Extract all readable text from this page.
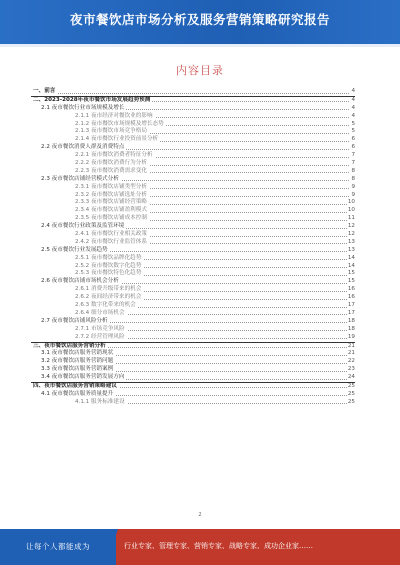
夜市餐饮店市场分析及服务营销策略研究报告
内容目录
一、前言	4
二、2023-2028年夜市餐饮市场发展趋势预测	4
2.1 夜市餐饮行业市场规模及增长	4
2.1.1 夜市经济对餐饮业的影响	4
2.1.2 夜市餐饮市场规模及增长态势	5
2.1.3 夜市餐饮市场竞争格局	5
2.1.4 夜市餐饮行业投资前景分析	6
2.2 夜市餐饮消费人群及消费特点	6
2.2.1 夜市餐饮消费者特征分析	7
2.2.2 夜市餐饮消费行为分析	7
2.2.3 夜市餐饮消费需求变化	8
2.3 夜市餐饮店铺经营模式分析	8
2.3.1 夜市餐饮店铺类型分析	9
2.3.2 夜市餐饮店铺选址分析	9
2.3.3 夜市餐饮店铺经营策略	10
2.3.4 夜市餐饮店铺盈利模式	10
2.3.5 夜市餐饮店铺成本控制	11
2.4 夜市餐饮行业政策及监管环境	12
2.4.1 夜市餐饮行业相关政策	12
2.4.2 夜市餐饮行业监管体系	13
2.5 夜市餐饮行业发展趋势	13
2.5.1 夜市餐饮品牌化趋势	14
2.5.2 夜市餐饮数字化趋势	14
2.5.3 夜市餐饮特色化趋势	15
2.6 夜市餐饮店铺市场机会分析	15
2.6.1 消费升级带来的机会	16
2.6.2 夜间经济带来的机会	16
2.6.3 数字化带来的机会	17
2.6.4 细分市场机会	17
2.7 夜市餐饮店铺风险分析	18
2.7.1 市场竞争风险	18
2.7.2 经营管理风险	19
三、夜市餐饮店服务营销分析	21
3.1 夜市餐饮店服务营销现状	21
3.2 夜市餐饮店服务营销问题	22
3.3 夜市餐饮店服务营销案例	23
3.4 夜市餐饮店服务营销发展方向	24
四、夜市餐饮店服务营销策略建议	25
4.1 夜市餐饮店服务质量提升	25
4.1.1 服务标准建设	25
2
让每个人都能成为	行业专家、管理专家、营销专家、战略专家、成功企业家……
